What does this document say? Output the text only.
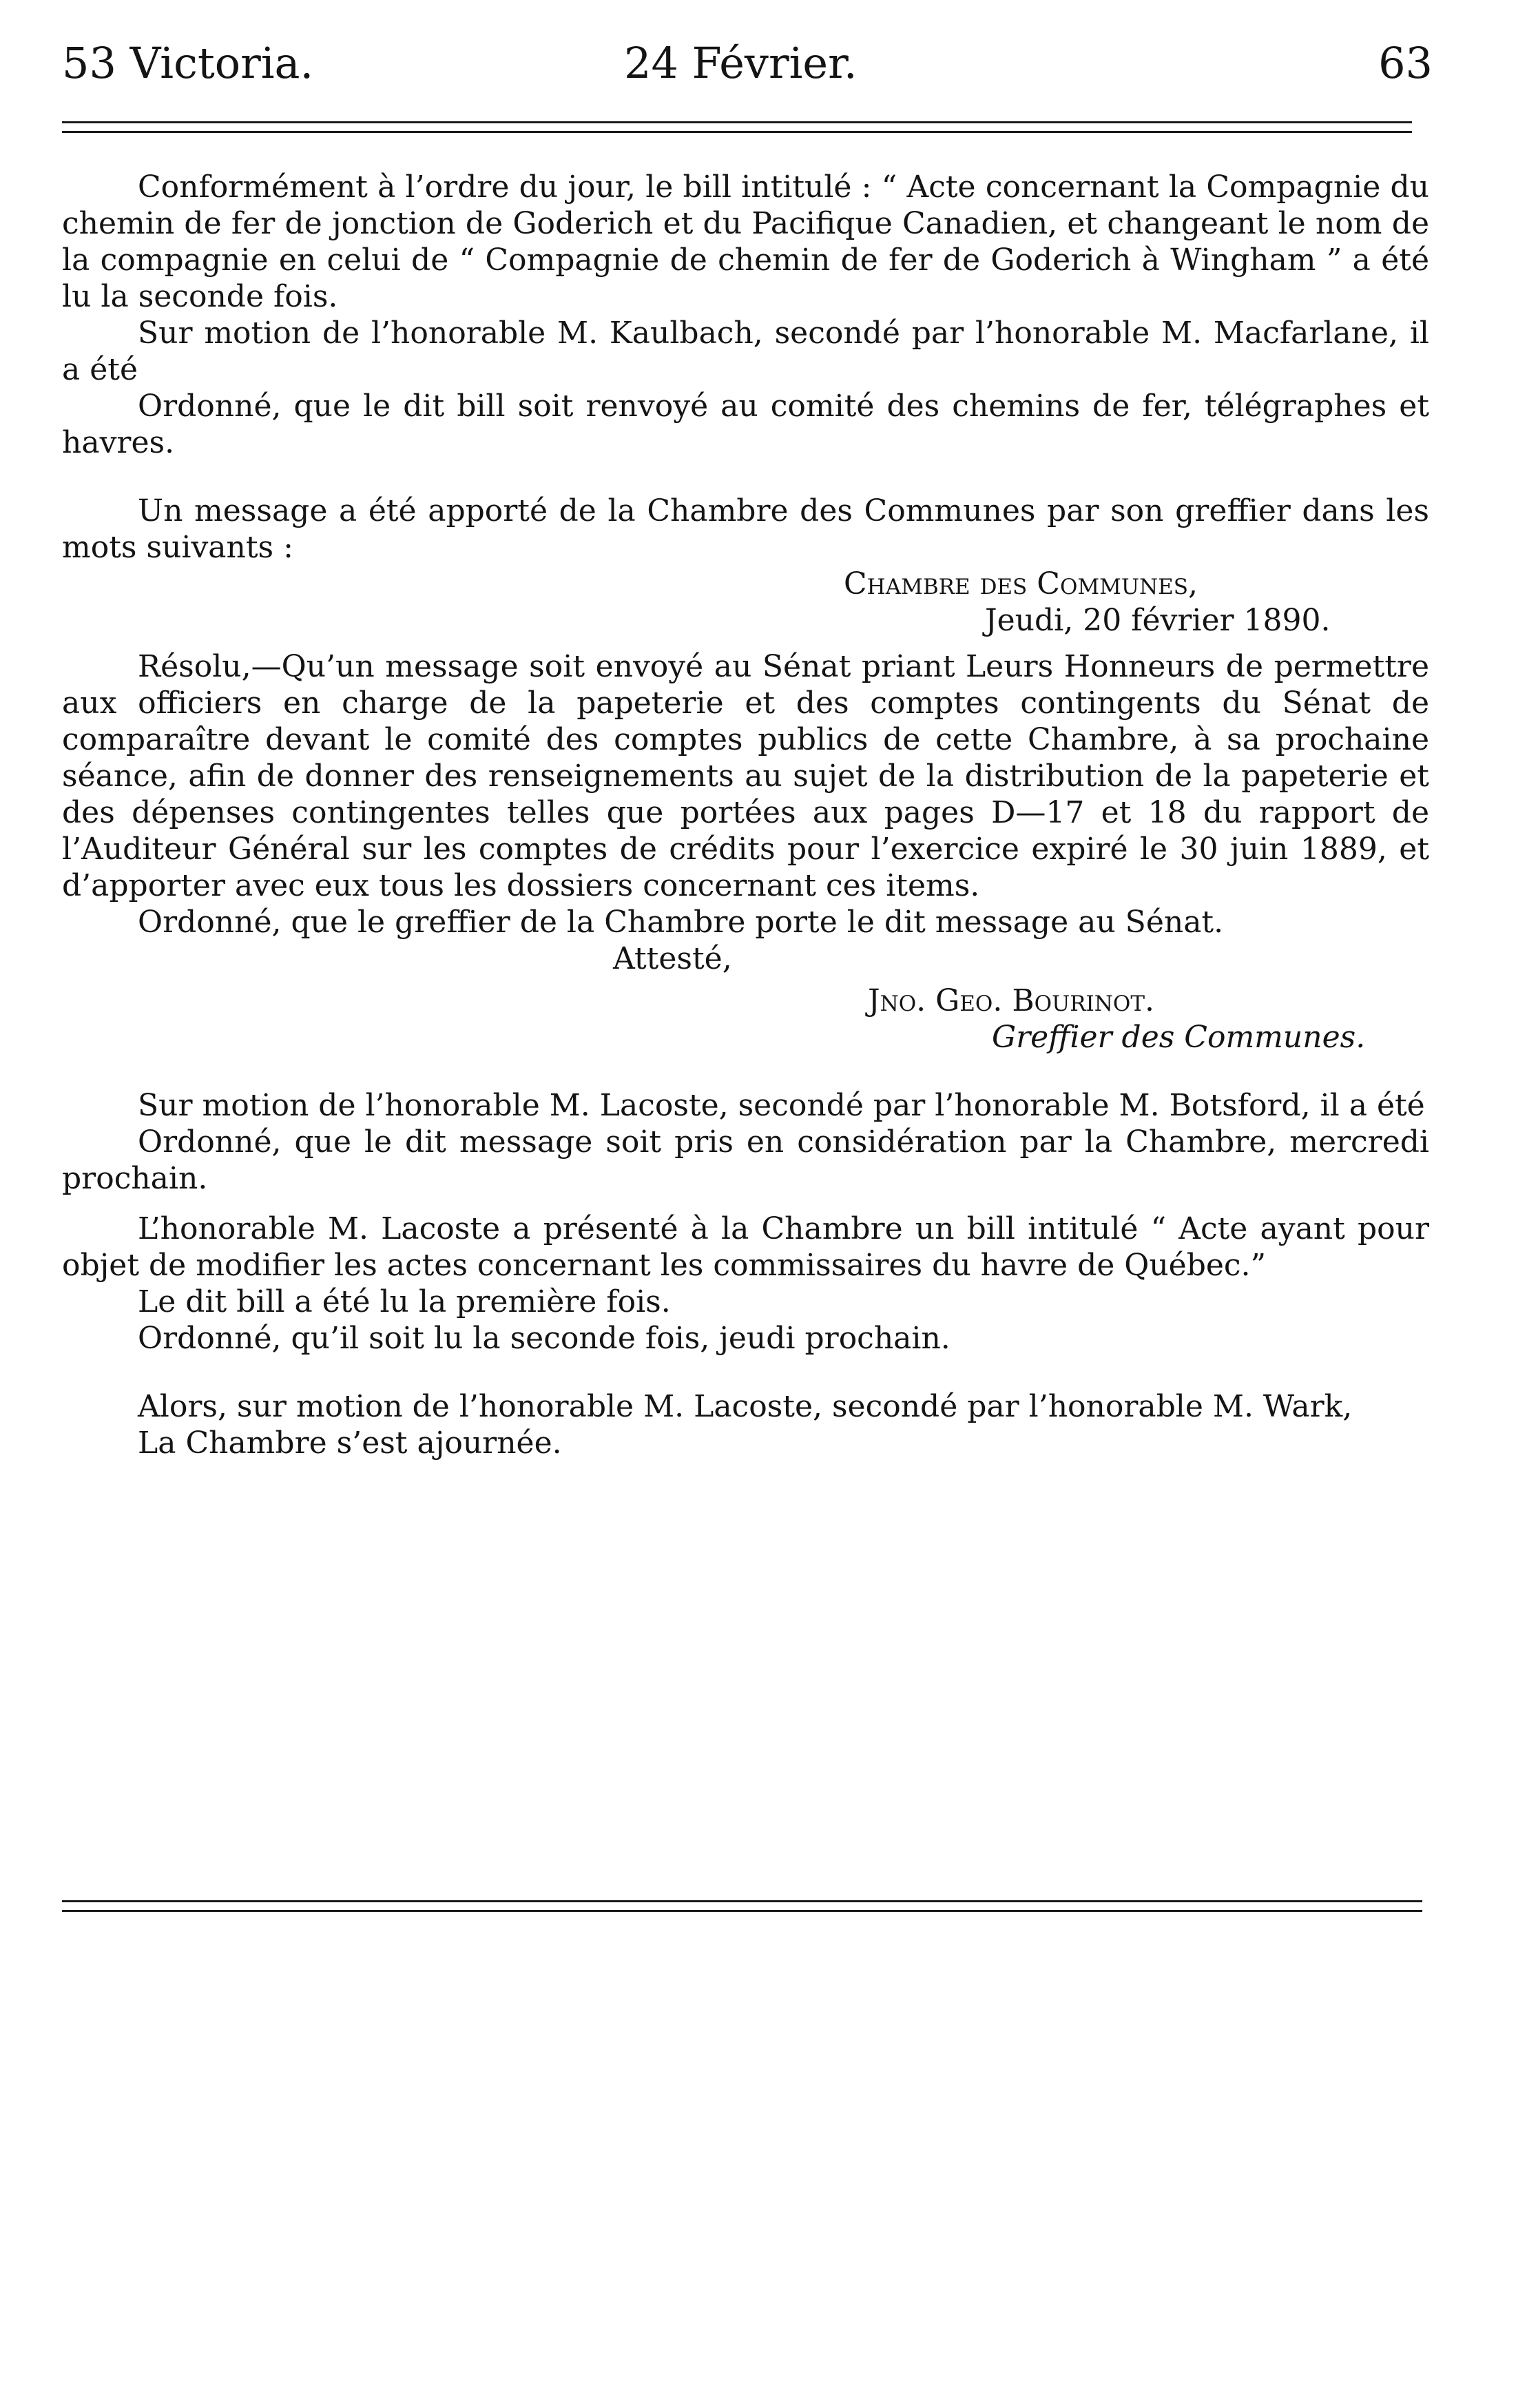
53 Victoria.	24 Février.	63

Conformément à l’ordre du jour, le bill intitulé : “ Acte concernant la Compagnie du chemin de fer de jonction de Goderich et du Pacifique Canadien, et changeant le nom de la compagnie en celui de “ Compagnie de chemin de fer de Goderich à Wingham ” a été lu la seconde fois.

Sur motion de l’honorable M. Kaulbach, secondé par l’honorable M. Macfarlane, il a été

Ordonné, que le dit bill soit renvoyé au comité des chemins de fer, télégraphes et havres.

Un message a été apporté de la Chambre des Communes par son greffier dans les mots suivants :

Chambre des Communes,

Jeudi, 20 février 1890.

Résolu,—Qu’un message soit envoyé au Sénat priant Leurs Honneurs de permettre aux officiers en charge de la papeterie et des comptes contingents du Sénat de comparaître devant le comité des comptes publics de cette Chambre, à sa prochaine séance, afin de donner des renseignements au sujet de la distribution de la papeterie et des dépenses contingentes telles que portées aux pages D—17 et 18 du rapport de l’Auditeur Général sur les comptes de crédits pour l’exercice expiré le 30 juin 1889, et d’apporter avec eux tous les dossiers concernant ces items.

Ordonné, que le greffier de la Chambre porte le dit message au Sénat.

Attesté,

Jno. Geo. Bourinot.

Greffier des Communes.

Sur motion de l’honorable M. Lacoste, secondé par l’honorable M. Botsford, il a été

Ordonné, que le dit message soit pris en considération par la Chambre, mercredi prochain.

L’honorable M. Lacoste a présenté à la Chambre un bill intitulé “ Acte ayant pour objet de modifier les actes concernant les commissaires du havre de Québec.”

Le dit bill a été lu la première fois.

Ordonné, qu’il soit lu la seconde fois, jeudi prochain.

Alors, sur motion de l’honorable M. Lacoste, secondé par l’honorable M. Wark,

La Chambre s’est ajournée.
